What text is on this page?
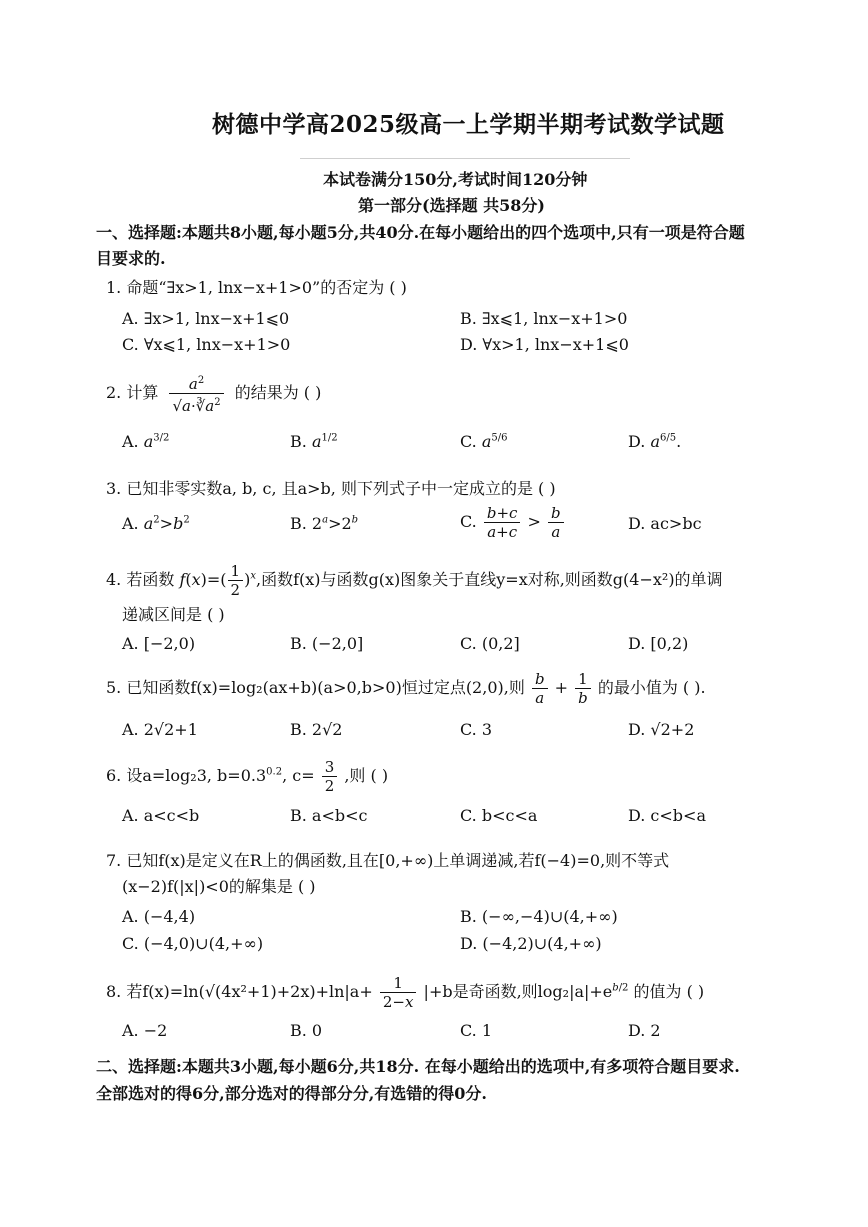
树德中学高2025级高一上学期半期考试数学试题
本试卷满分150分,考试时间120分钟
第一部分(选择题 共58分)
一、选择题:本题共8小题,每小题5分,共40分.在每小题给出的四个选项中,只有一项是符合题
目要求的.
1. 命题“∃x>1, lnx−x+1>0”的否定为 ( )
A. ∃x>1, lnx−x+1⩽0	B. ∃x⩽1, lnx−x+1>0
C. ∀x⩽1, lnx−x+1>0	D. ∀x>1, lnx−x+1⩽0
2. 计算 $\frac{a^2}{√a\cdot∛a^2}$ 的结果为 ( )
A. $a^{3/2}$	B. $a^{1/2}$	C. $a^{5/6}$	D. $a^{6/5}$.
3. 已知非零实数a, b, c, 且a>b, 则下列式子中一定成立的是 ( )
A. $a^2>b^2$	B. $2^a>2^b$	C. $\frac{b+c}{a+c} > \frac{b}{a}$	D. ac>bc
4. 若函数 $f(x)=( \frac{1}{2} )^x$,函数f(x)与函数g(x)图象关于直线y=x对称,则函数g(4−x²)的单调
递减区间是 ( )
A. [−2,0)	B. (−2,0]	C. (0,2]	D. [0,2)
5. 已知函数f(x)=log₂(ax+b)(a>0,b>0)恒过定点(2,0),则 $\frac{b}{a} + \frac{1}{b}$ 的最小值为 ( ).
A. 2√2+1	B. 2√2	C. 3	D. √2+2
6. 设a=log₂3, $b=0.3^{0.2}$, $c= \frac{3}{2}$ ,则 ( )
A. a<c<b	B. a<b<c	C. b<c<a	D. c<b<a
7. 已知f(x)是定义在R上的偶函数,且在[0,+∞)上单调递减,若f(−4)=0,则不等式
(x−2)f(|x|)<0的解集是 ( )
A. (−4,4)	B. (−∞,−4)∪(4,+∞)
C. (−4,0)∪(4,+∞)	D. (−4,2)∪(4,+∞)
8. 若$f(x)=\ln(√(4x^2+1)+2x)+\ln|a+ \frac{1}{2-x} |+b$是奇函数,则$\log_2|a|+e^{b/2}$ 的值为 ( )
A. −2	B. 0	C. 1	D. 2
二、选择题:本题共3小题,每小题6分,共18分. 在每小题给出的选项中,有多项符合题目要求.
全部选对的得6分,部分选对的得部分分,有选错的得0分.
